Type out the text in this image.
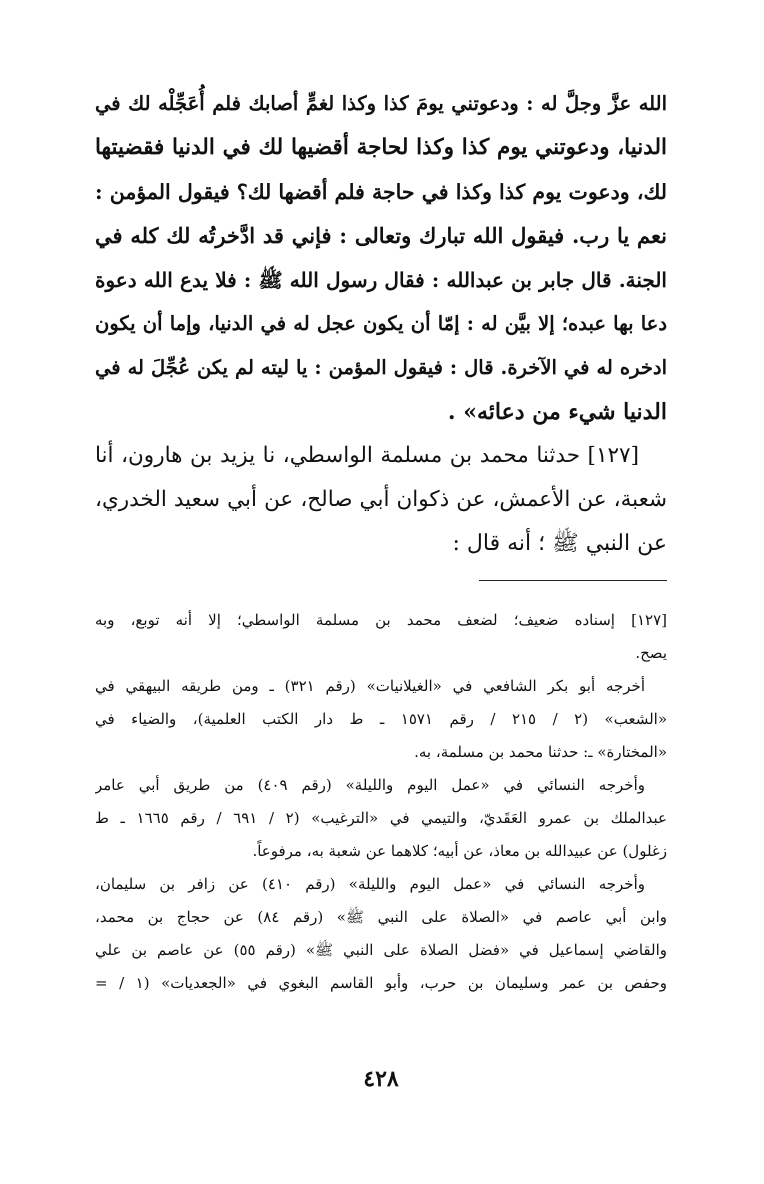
الله عزَّ وجلَّ له : ودعوتني يومَ كذا وكذا لغمٍّ أصابك فلم أُعَجِّلْه لك في
الدنيا، ودعوتني يوم كذا وكذا لحاجة أقضيها لك في الدنيا فقضيتها
لك، ودعوت يوم كذا وكذا في حاجة فلم أقضها لك؟ فيقول المؤمن :
نعم يا رب. فيقول الله تبارك وتعالى : فإني قد ادَّخرتُه لك كله في
الجنة. قال جابر بن عبدالله : فقال رسول الله ﷺ : فلا يدع الله دعوة
دعا بها عبده؛ إلا بيَّن له : إمّا أن يكون عجل له في الدنيا، وإما أن يكون
ادخره له في الآخرة. قال : فيقول المؤمن : يا ليته لم يكن عُجِّلَ له في
الدنيا شيء من دعائه» .
[١٢٧] حدثنا محمد بن مسلمة الواسطي، نا يزيد بن هارون، أنا
شعبة، عن الأعمش، عن ذكوان أبي صالح، عن أبي سعيد الخدري،
عن النبي ﷺ ؛ أنه قال :
[١٢٧] إسناده ضعيف؛ لضعف محمد بن مسلمة الواسطي؛ إلا أنه توبع، وبه
يصح.
أخرجه أبو بكر الشافعي في «الغيلانيات» (رقم ٣٢١) ـ ومن طريقه البيهقي في
«الشعب» (٢ / ٢١٥ / رقم ١٥٧١ ـ ط دار الكتب العلمية)، والضياء في
«المختارة» ـ: حدثنا محمد بن مسلمة، به.
وأخرجه النسائي في «عمل اليوم والليلة» (رقم ٤٠٩) من طريق أبي عامر
عبدالملك بن عمرو العَقَديّ، والتيمي في «الترغيب» (٢ / ٦٩١ / رقم ١٦٦٥ ـ ط
زغلول) عن عبيدالله بن معاذ، عن أبيه؛ كلاهما عن شعبة به، مرفوعاً.
وأخرجه النسائي في «عمل اليوم والليلة» (رقم ٤١٠) عن زافر بن سليمان،
وابن أبي عاصم في «الصلاة على النبي ﷺ» (رقم ٨٤) عن حجاج بن محمد،
والقاضي إسماعيل في «فضل الصلاة على النبي ﷺ» (رقم ٥٥) عن عاصم بن علي
وحفص بن عمر وسليمان بن حرب، وأبو القاسم البغوي في «الجعديات» (١ / =
٤٢٨
